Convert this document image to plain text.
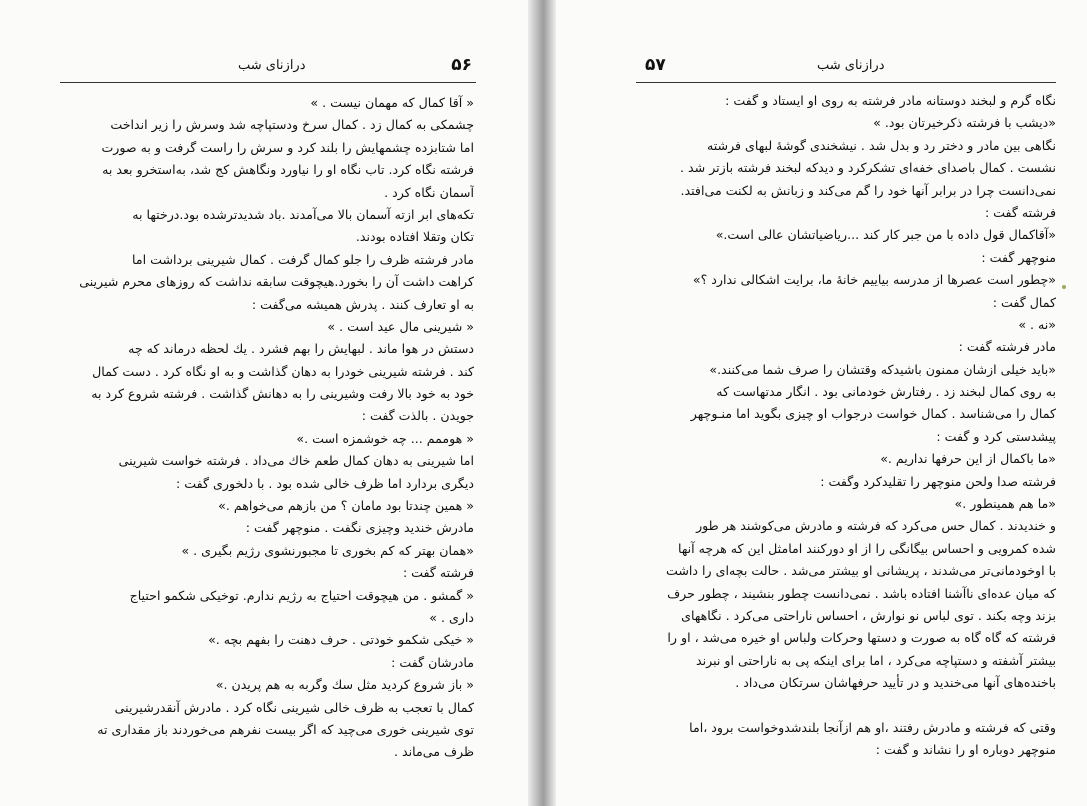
۵۶
درازنای شب
« آقا کمال که مهمان نیست . »
چشمکی به کمال زد . کمال سرخ ودستپاچه شد وسرش را زیر انداخت
اما شتابزده چشمهایش را بلند کرد و سرش را راست گرفت و به صورت
فرشته نگاه کرد. تاب نگاه او را نیاورد ونگاهش کج شد، به‌استخرو بعد به
آسمان نگاه کرد .
تکه‌های ابر ازته آسمان بالا می‌آمدند .باد شدیدترشده بود.درختها به
تکان وتقلا افتاده بودند.
مادر فرشته ظرف را جلو کمال گرفت . کمال شیرینی برداشت اما
کراهت داشت آن را بخورد.هیچوقت سابقه نداشت که روزهای محرم شیرینی
به او تعارف کنند . پدرش همیشه می‌گفت :
« شیرینی مال عید است . »
دستش در هوا ماند . لبهایش را بهم فشرد . یك لحظه درماند که چه
کند . فرشته شیرینی خودرا به دهان گذاشت و به او نگاه کرد . دست کمال
خود به خود بالا رفت وشیرینی را به دهانش گذاشت . فرشته شروع کرد به
جویدن . بالذت گفت :
« هوممم ... چه خوشمزه است .»
اما شیرینی به دهان کمال طعم خاك می‌داد . فرشته خواست شیرینی
دیگری بردارد اما ظرف خالی شده بود . با دلخوری گفت :
« همین چندتا بود مامان ؟ من بازهم می‌خواهم .»
مادرش خندید وچیزی نگفت . منوچهر گفت :
«همان بهتر که کم بخوری تا مجبورنشوی رژیم بگیری . »
فرشته گفت :
« گمشو . من هیچوقت احتیاج به رژیم ندارم. توخیکی شکمو احتیاج
داری . »
« خیکی شکمو خودتی . حرف دهنت را بفهم بچه .»
مادرشان گفت :
« باز شروع کردید مثل سك وگربه به هم پریدن .»
کمال با تعجب به ظرف خالی شیرینی نگاه کرد . مادرش آنقدرشیرینی
توی شیرینی خوری می‌چید که اگر بیست نفرهم می‌خوردند باز مقداری ته
ظرف می‌ماند .
۵۷	درازنای شب
نگاه گرم و لبخند دوستانه مادر فرشته به روی او ایستاد و گفت :
«دیشب با فرشته ذکرخیرتان بود. »
نگاهی بین مادر و دختر رد و بدل شد . نیشخندی گوشهٔ لبهای فرشته
نشست . کمال باصدای خفه‌ای تشکرکرد و دیدکه لبخند فرشته بازتر شد .
نمی‌دانست چرا در برابر آنها خود را گم می‌کند و زبانش به لکنت می‌افتد.
فرشته گفت :
«آقاکمال قول داده با من جبر کار کند ...ریاضیاتشان عالی است.»
منوچهر گفت :
«چطور است عصرها از مدرسه بیاییم خانهٔ ما، برایت اشکالی ندارد ؟»
کمال گفت :
«نه . »
مادر فرشته گفت :
«باید خیلی ازشان ممنون باشیدکه وقتشان را صرف شما می‌کنند.»
به روی کمال لبخند زد . رفتارش خودمانی بود . انگار مدتهاست که
کمال را می‌شناسد . کمال خواست درجواب او چیزی بگوید اما منـوچهر
پیشدستی کرد و گفت :
«ما باکمال از این حرفها نداریم .»
فرشته صدا ولحن منوچهر را تقلیدکرد وگفت :
«ما هم همینطور .»
و خندیدند . کمال حس می‌کرد که فرشته و مادرش می‌کوشند هر طور
شده کمرویی و احساس بیگانگی را از او دورکنند امامثل این که هرچه آنها
با اوخودمانی‌تر می‌شدند ، پریشانی او بیشتر می‌شد . حالت بچه‌ای را داشت
که میان عده‌ای ناآشنا افتاده باشد . نمی‌دانست چطور بنشیند ، چطور حرف
بزند وچه بکند . توی لباس نو نوارش ، احساس ناراحتی می‌کرد . نگاههای
فرشته که گاه گاه به صورت و دستها وحرکات ولباس او خیره می‌شد ، او را
بیشتر آشفته و دستپاچه می‌کرد ، اما برای اینکه پی به ناراحتی او نبرند
باخنده‌های آنها می‌خندید و در تأیید حرفهاشان سرتکان می‌داد .
وقتی که فرشته و مادرش رفتند ،او هم ازآنجا بلندشدوخواست برود ،اما
منوچهر دوباره او را نشاند و گفت :
